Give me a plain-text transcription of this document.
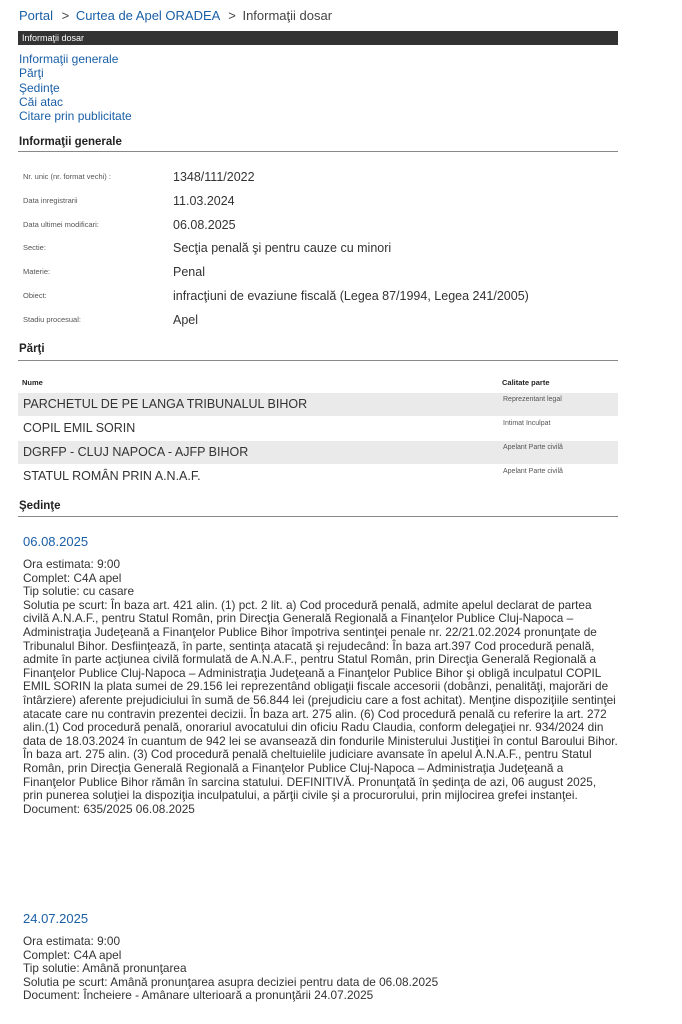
Portal > Curtea de Apel ORADEA > Informaţii dosar
Informaţii dosar
Informaţii generale
Părţi
Şedinţe
Căi atac
Citare prin publicitate
Informaţii generale
Nr. unic (nr. format vechi) :	1348/111/2022
Data inregistrarii	11.03.2024
Data ultimei modificari:	06.08.2025
Sectie:	Secţia penală şi pentru cauze cu minori
Materie:	Penal
Obiect:	infracţiuni de evaziune fiscală (Legea 87/1994, Legea 241/2005)
Stadiu procesual:	Apel
Părţi
Nume	Calitate parte
PARCHETUL DE PE LANGA TRIBUNALUL BIHOR	Reprezentant legal
COPIL EMIL SORIN	Intimat Inculpat
DGRFP - CLUJ NAPOCA - AJFP BIHOR	Apelant Parte civilă
STATUL ROMÂN PRIN A.N.A.F.	Apelant Parte civilă
Şedinţe
06.08.2025
Ora estimata: 9:00
Complet: C4A apel
Tip solutie: cu casare
Solutia pe scurt: În baza art. 421 alin. (1) pct. 2 lit. a) Cod procedură penală, admite apelul declarat de partea civilă A.N.A.F., pentru Statul Român, prin Direcţia Generală Regională a Finanţelor Publice Cluj-Napoca – Administraţia Judeţeană a Finanţelor Publice Bihor împotriva sentinţei penale nr. 22/21.02.2024 pronunţate de Tribunalul Bihor. Desfiinţează, în parte, sentinţa atacată şi rejudecând: În baza art.397 Cod procedură penală, admite în parte acţiunea civilă formulată de A.N.A.F., pentru Statul Român, prin Direcţia Generală Regională a Finanţelor Publice Cluj-Napoca – Administraţia Judeţeană a Finanţelor Publice Bihor şi obligă inculpatul COPIL EMIL SORIN la plata sumei de 29.156 lei reprezentând obligaţii fiscale accesorii (dobânzi, penalităţi, majorări de întârziere) aferente prejudiciului în sumă de 56.844 lei (prejudiciu care a fost achitat). Menţine dispoziţiile sentinţei atacate care nu contravin prezentei decizii. În baza art. 275 alin. (6) Cod procedură penală cu referire la art. 272 alin.(1) Cod procedură penală, onorariul avocatului din oficiu Radu Claudia, conform delegaţiei nr. 934/2024 din data de 18.03.2024 în cuantum de 942 lei se avansează din fondurile Ministerului Justiţiei în contul Baroului Bihor. În baza art. 275 alin. (3) Cod procedură penală cheltuielile judiciare avansate în apelul A.N.A.F., pentru Statul Român, prin Direcţia Generală Regională a Finanţelor Publice Cluj-Napoca – Administraţia Judeţeană a Finanţelor Publice Bihor rămân în sarcina statului. DEFINITIVĂ. Pronunţată în şedinţa de azi, 06 august 2025, prin punerea soluţiei la dispoziţia inculpatului, a părţii civile şi a procurorului, prin mijlocirea grefei instanţei.
Document: 635/2025 06.08.2025
24.07.2025
Ora estimata: 9:00
Complet: C4A apel
Tip solutie: Amână pronunţarea
Solutia pe scurt: Amână pronunţarea asupra deciziei pentru data de 06.08.2025
Document: Încheiere - Amânare ulterioară a pronunţării 24.07.2025
